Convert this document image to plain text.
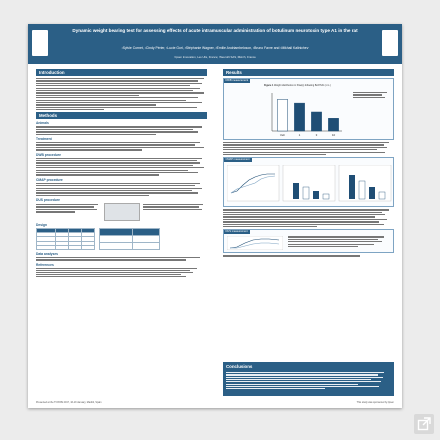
Dynamic weight bearing test for assessing effects of acute intramuscular administration of botulinum neurotoxin type A1 in the rat
¹Sylvie Cornet, ¹Cindy Périer, ¹Lucie Gori, ²Stéphanie Wagner, ²Emilie Andriambeloson, ¹Bruno Favre and ¹Mikhail Kalinichev
¹Ipsen Innovation, Les Ulis, France; ²Neurofit SAS, Illkirch, France
Introduction
Methods
Animals
Treatment
DWB procedure
CMAP procedure
DUS procedure
Design

Data analyses
References
Results
DWB measurement
Figure 1 Weight distribution in Paw(s) following BoNT/A1 (i.m.)
Veh	1	3	10
CMAP measurement
DUS measurement
Conclusions
Presented at the TOXINS 2017, 16-19 January, Madrid, Spain	This study was sponsored by Ipsen
